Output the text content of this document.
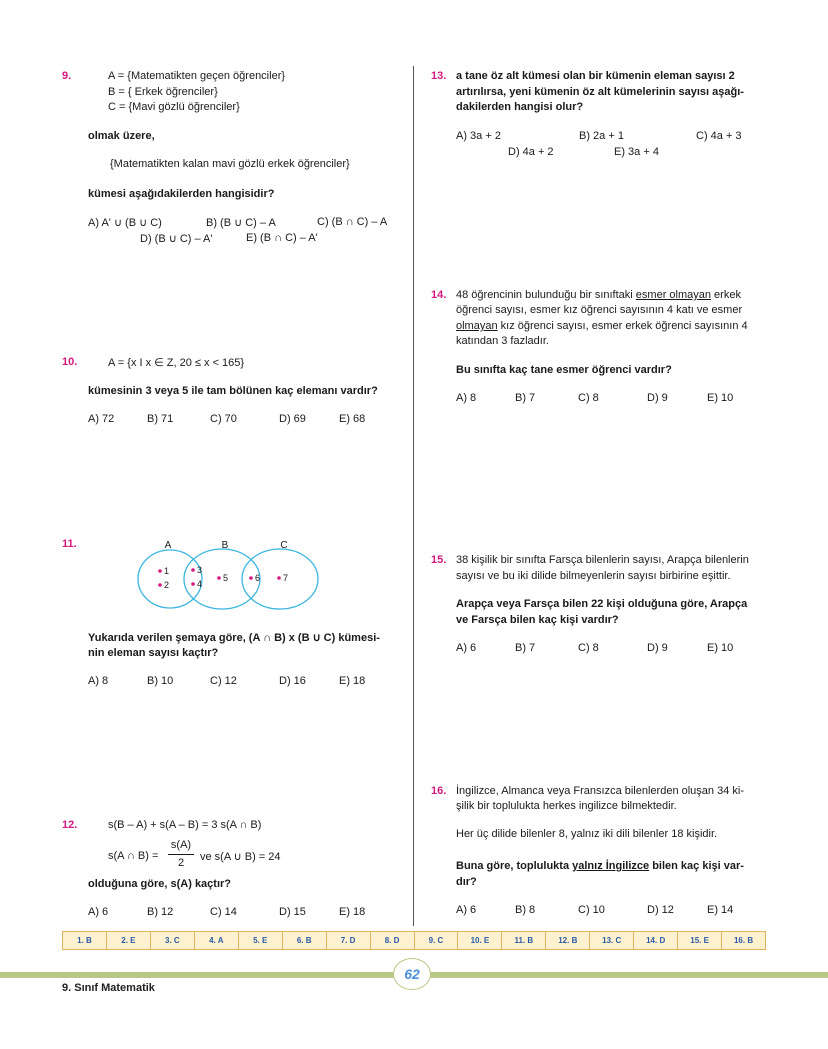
9.	A = {Matematikten geçen öğrenciler}
B = { Erkek öğrenciler}
C = {Mavi gözlü öğrenciler}
olmak üzere,
{Matematikten kalan mavi gözlü erkek öğrenciler}
kümesi aşağıdakilerden hangisidir?
A) A' ∪ (B ∪ C)	B) (B ∪ C) – A	C) (B ∩ C) – A
D) (B ∪ C) – A'	E) (B ∩ C) – A'
10.	A = {x I x ∈ Z, 20 ≤ x < 165}
kümesinin 3 veya 5 ile tam bölünen kaç elemanı vardır?
A) 72	B) 71	C) 70	D) 69	E) 68
11.	A	B	C
1
2
3
4
5	6	7
Yukarıda verilen şemaya göre, (A ∩ B) x (B ∪ C) kümesi-
nin eleman sayısı kaçtır?
A) 8	B) 10	C) 12	D) 16	E) 18
12.	s(B – A) + s(A – B) = 3 s(A ∩ B)
s(A ∩ B) =
s(A)
2	ve s(A ∪ B) = 24
olduğuna göre, s(A) kaçtır?
A) 6	B) 12	C) 14	D) 15	E) 18
13. a tane öz alt kümesi olan bir kümenin eleman sayısı 2
artırılırsa, yeni kümenin öz alt kümelerinin sayısı aşağı-
dakilerden hangisi olur?
A) 3a + 2	B) 2a + 1	C) 4a + 3
D) 4a + 2	E) 3a + 4
14. 48 öğrencinin bulunduğu bir sınıftaki esmer olmayan erkek
öğrenci sayısı, esmer kız öğrenci sayısının 4 katı ve esmer
olmayan kız öğrenci sayısı, esmer erkek öğrenci sayısının 4
katından 3 fazladır.
Bu sınıfta kaç tane esmer öğrenci vardır?
A) 8	B) 7	C) 8	D) 9	E) 10
15. 38 kişilik bir sınıfta Farsça bilenlerin sayısı, Arapça bilenlerin
sayısı ve bu iki dilide bilmeyenlerin sayısı birbirine eşittir.
Arapça veya Farsça bilen 22 kişi olduğuna göre, Arapça
ve Farsça bilen kaç kişi vardır?
A) 6	B) 7	C) 8	D) 9	E) 10
16. İngilizce, Almanca veya Fransızca bilenlerden oluşan 34 ki-
şilik bir toplulukta herkes ingilizce bilmektedir.
Her üç dilide bilenler 8, yalnız iki dili bilenler 18 kişidir.
Buna göre, toplulukta yalnız İngilizce bilen kaç kişi var-
dır?
A) 6	B) 8	C) 10	D) 12	E) 14
1. B	2. E	3. C	4. A	5. E	6. B	7. D	8. D	9. C	10. E	11. B	12. B	13. C	14. D	15. E	16. B
62
9. Sınıf Matematik
